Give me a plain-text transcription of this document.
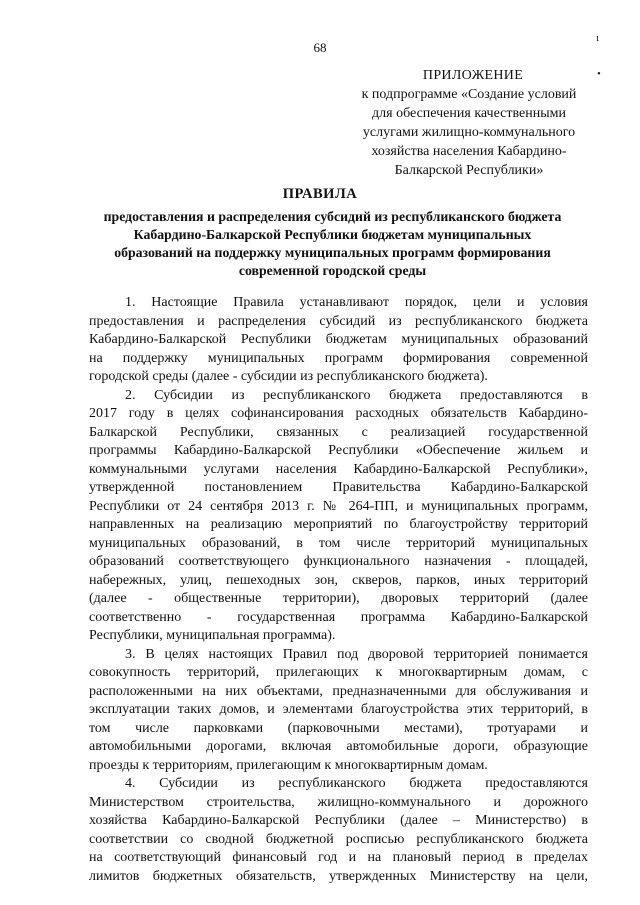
68
ı
•
ПРИЛОЖЕНИЕ
к подпрограмме «Создание условий
для обеспечения качественными
услугами жилищно-коммунального
хозяйства населения Кабардино-
Балкарской Республики»
ПРАВИЛА
предоставления и распределения субсидий из республиканского бюджета
Кабардино-Балкарской Республики бюджетам муниципальных
образований на поддержку муниципальных программ формирования
современной городской среды
1. Настоящие Правила устанавливают порядок, цели и условия
предоставления и распределения субсидий из республиканского бюджета
Кабардино-Балкарской Республики бюджетам муниципальных образований
на поддержку муниципальных программ формирования современной
городской среды (далее - субсидии из республиканского бюджета).
2. Субсидии из республиканского бюджета предоставляются в
2017 году в целях софинансирования расходных обязательств Кабардино-
Балкарской Республики, связанных с реализацией государственной
программы Кабардино-Балкарской Республики «Обеспечение жильем и
коммунальными услугами населения Кабардино-Балкарской Республики»,
утвержденной постановлением Правительства Кабардино-Балкарской
Республики от 24 сентября 2013 г. № 264-ПП, и муниципальных программ,
направленных на реализацию мероприятий по благоустройству территорий
муниципальных образований, в том числе территорий муниципальных
образований соответствующего функционального назначения - площадей,
набережных, улиц, пешеходных зон, скверов, парков, иных территорий
(далее - общественные территории), дворовых территорий (далее
соответственно - государственная программа Кабардино-Балкарской
Республики, муниципальная программа).
3. В целях настоящих Правил под дворовой территорией понимается
совокупность территорий, прилегающих к многоквартирным домам, с
расположенными на них объектами, предназначенными для обслуживания и
эксплуатации таких домов, и элементами благоустройства этих территорий, в
том числе парковками (парковочными местами), тротуарами и
автомобильными дорогами, включая автомобильные дороги, образующие
проезды к территориям, прилегающим к многоквартирным домам.
4. Субсидии из республиканского бюджета предоставляются
Министерством строительства, жилищно-коммунального и дорожного
хозяйства Кабардино-Балкарской Республики (далее – Министерство) в
соответствии со сводной бюджетной росписью республиканского бюджета
на соответствующий финансовый год и на плановый период в пределах
лимитов бюджетных обязательств, утвержденных Министерству на цели,
